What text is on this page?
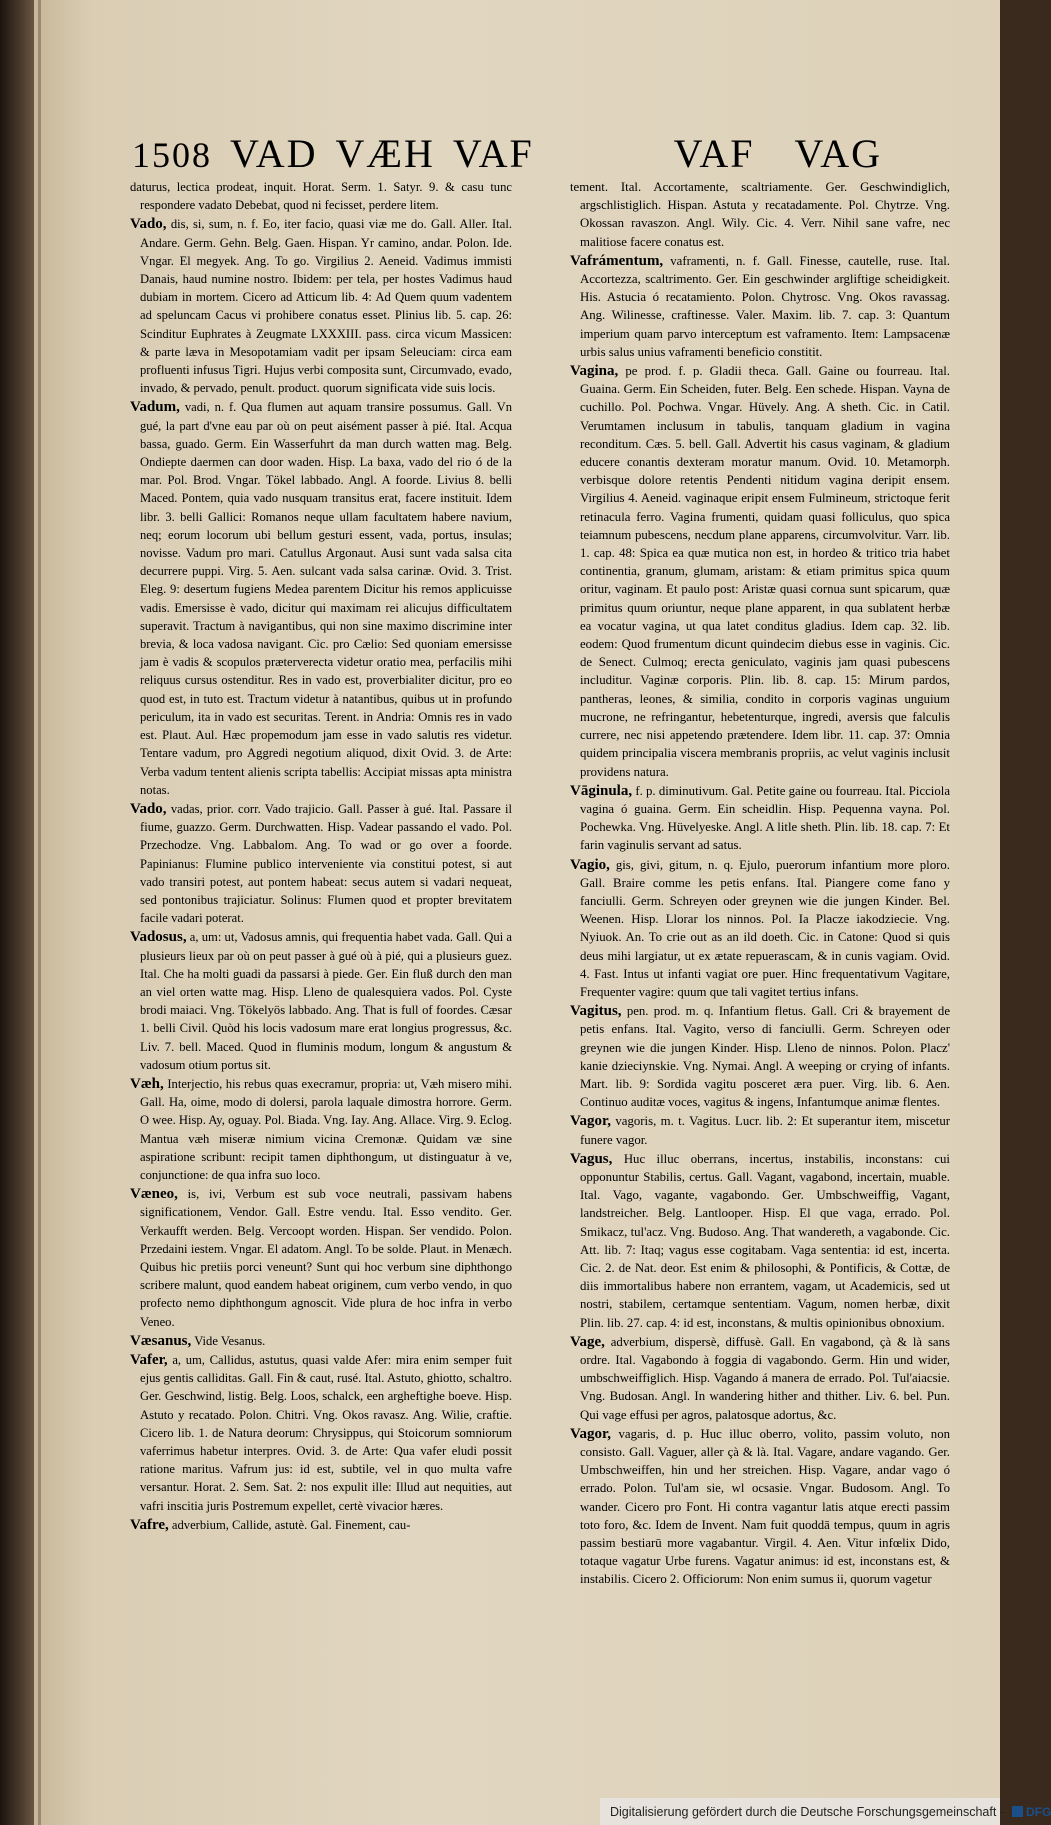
1508 VAD VÆH VAF	VAF VAG

daturus, lectica prodeat, inquit. Horat. Serm. 1. Satyr. 9. & casu tunc respondere vadato Debebat, quod ni fecisset, perdere litem.

Vado, dis, si, sum, n. f. Eo, iter facio, quasi viæ me do. Gall. Aller. Ital. Andare. Germ. Gehn. Belg. Gaen. Hispan. Yr camino, andar. Polon. Ide. Vngar. El megyek. Ang. To go. Virgilius 2. Aeneid. Vadimus immisti Danais, haud numine nostro. Ibidem: per tela, per hostes Vadimus haud dubiam in mortem. Cicero ad Atticum lib. 4: Ad Quem quum vadentem ad speluncam Cacus vi prohibere conatus esset. Plinius lib. 5. cap. 26: Scinditur Euphrates à Zeugmate LXXXIII. pass. circa vicum Massicen: & parte læva in Mesopotamiam vadit per ipsam Seleuciam: circa eam profluenti infusus Tigri. Hujus verbi composita sunt, Circumvado, evado, invado, & pervado, penult. product. quorum significata vide suis locis.

Vadum, vadi, n. f. Qua flumen aut aquam transire possumus. Gall. Vn gué, la part d'vne eau par où on peut aisément passer à pié. Ital. Acqua bassa, guado. Germ. Ein Wasserfuhrt da man durch watten mag. Belg. Ondiepte daermen can door waden. Hisp. La baxa, vado del rio ó de la mar. Pol. Brod. Vngar. Tökel labbado. Angl. A foorde. Livius 8. belli Maced. Pontem, quia vado nusquam transitus erat, facere instituit. Idem libr. 3. belli Gallici: Romanos neque ullam facultatem habere navium, neq; eorum locorum ubi bellum gesturi essent, vada, portus, insulas; novisse. Vadum pro mari. Catullus Argonaut. Ausi sunt vada salsa cita decurrere puppi. Virg. 5. Aen. sulcant vada salsa carinæ. Ovid. 3. Trist. Eleg. 9: desertum fugiens Medea parentem Dicitur his remos applicuisse vadis. Emersisse è vado, dicitur qui maximam rei alicujus difficultatem superavit. Tractum à navigantibus, qui non sine maximo discrimine inter brevia, & loca vadosa navigant. Cic. pro Cælio: Sed quoniam emersisse jam è vadis & scopulos præterverecta videtur oratio mea, perfacilis mihi reliquus cursus ostenditur. Res in vado est, proverbialiter dicitur, pro eo quod est, in tuto est. Tractum videtur à natantibus, quibus ut in profundo periculum, ita in vado est securitas. Terent. in Andria: Omnis res in vado est. Plaut. Aul. Hæc propemodum jam esse in vado salutis res videtur. Tentare vadum, pro Aggredi negotium aliquod, dixit Ovid. 3. de Arte: Verba vadum tentent alienis scripta tabellis: Accipiat missas apta ministra notas.

Vado, vadas, prior. corr. Vado trajicio. Gall. Passer à gué. Ital. Passare il fiume, guazzo. Germ. Durchwatten. Hisp. Vadear passando el vado. Pol. Przechodze. Vng. Labbalom. Ang. To wad or go over a foorde. Papinianus: Flumine publico interveniente via constitui potest, si aut vado transiri potest, aut pontem habeat: secus autem si vadari nequeat, sed pontonibus trajiciatur. Solinus: Flumen quod et propter brevitatem facile vadari poterat.

Vadosus, a, um: ut, Vadosus amnis, qui frequentia habet vada. Gall. Qui a plusieurs lieux par où on peut passer à gué où à pié, qui a plusieurs guez. Ital. Che ha molti guadi da passarsi à piede. Ger. Ein fluß durch den man an viel orten watte mag. Hisp. Lleno de qualesquiera vados. Pol. Cyste brodi maiaci. Vng. Tökelyös labbado. Ang. That is full of foordes. Cæsar 1. belli Civil. Quòd his locis vadosum mare erat longius progressus, &c. Liv. 7. bell. Maced. Quod in fluminis modum, longum & angustum & vadosum otium portus sit.

Væh, Interjectio, his rebus quas execramur, propria: ut, Væh misero mihi. Gall. Ha, oime, modo di dolersi, parola laquale dimostra horrore. Germ. O wee. Hisp. Ay, oguay. Pol. Biada. Vng. Iay. Ang. Allace. Virg. 9. Eclog. Mantua væh miseræ nimium vicina Cremonæ. Quidam væ sine aspiratione scribunt: recipit tamen diphthongum, ut distinguatur à ve, conjunctione: de qua infra suo loco.

Væneo, is, ivi, Verbum est sub voce neutrali, passivam habens significationem, Vendor. Gall. Estre vendu. Ital. Esso vendito. Ger. Verkaufft werden. Belg. Vercoopt worden. Hispan. Ser vendido. Polon. Przedaini iestem. Vngar. El adatom. Angl. To be solde. Plaut. in Menæch. Quibus hic pretiis porci veneunt? Sunt qui hoc verbum sine diphthongo scribere malunt, quod eandem habeat originem, cum verbo vendo, in quo profecto nemo diphthongum agnoscit. Vide plura de hoc infra in verbo Veneo.

Væsanus, Vide Vesanus.

Vafer, a, um, Callidus, astutus, quasi valde Afer: mira enim semper fuit ejus gentis calliditas. Gall. Fin & caut, rusé. Ital. Astuto, ghiotto, schaltro. Ger. Geschwind, listig. Belg. Loos, schalck, een argheftighe boeve. Hisp. Astuto y recatado. Polon. Chitri. Vng. Okos ravasz. Ang. Wilie, craftie. Cicero lib. 1. de Natura deorum: Chrysippus, qui Stoicorum somniorum vaferrimus habetur interpres. Ovid. 3. de Arte: Qua vafer eludi possit ratione maritus. Vafrum jus: id est, subtile, vel in quo multa vafre versantur. Horat. 2. Sem. Sat. 2: nos expulit ille: Illud aut nequities, aut vafri inscitia juris Postremum expellet, certè vivacior hæres.

Vafre, adverbium, Callide, astutè. Gal. Finement, cau-

tement. Ital. Accortamente, scaltriamente. Ger. Geschwindiglich, argschlistiglich. Hispan. Astuta y recatadamente. Pol. Chytrze. Vng. Okossan ravaszon. Angl. Wily. Cic. 4. Verr. Nihil sane vafre, nec malitiose facere conatus est.

Vafrámentum, vaframenti, n. f. Gall. Finesse, cautelle, ruse. Ital. Accortezza, scaltrimento. Ger. Ein geschwinder argliftige scheidigkeit. His. Astucia ó recatamiento. Polon. Chytrosc. Vng. Okos ravassag. Ang. Wilinesse, craftinesse. Valer. Maxim. lib. 7. cap. 3: Quantum imperium quam parvo interceptum est vaframento. Item: Lampsacenæ urbis salus unius vaframenti beneficio constitit.

Vagina, pe prod. f. p. Gladii theca. Gall. Gaine ou fourreau. Ital. Guaina. Germ. Ein Scheiden, futer. Belg. Een schede. Hispan. Vayna de cuchillo. Pol. Pochwa. Vngar. Hüvely. Ang. A sheth. Cic. in Catil. Verumtamen inclusum in tabulis, tanquam gladium in vagina reconditum. Cæs. 5. bell. Gall. Advertit his casus vaginam, & gladium educere conantis dexteram moratur manum. Ovid. 10. Metamorph. verbisque dolore retentis Pendenti nitidum vagina deripit ensem. Virgilius 4. Aeneid. vaginaque eripit ensem Fulmineum, strictoque ferit retinacula ferro. Vagina frumenti, quidam quasi folliculus, quo spica teiamnum pubescens, necdum plane apparens, circumvolvitur. Varr. lib. 1. cap. 48: Spica ea quæ mutica non est, in hordeo & tritico tria habet continentia, granum, glumam, aristam: & etiam primitus spica quum oritur, vaginam. Et paulo post: Aristæ quasi cornua sunt spicarum, quæ primitus quum oriuntur, neque plane apparent, in qua sublatent herbæ ea vocatur vagina, ut qua latet conditus gladius. Idem cap. 32. lib. eodem: Quod frumentum dicunt quindecim diebus esse in vaginis. Cic. de Senect. Culmoq; erecta geniculato, vaginis jam quasi pubescens includitur. Vaginæ corporis. Plin. lib. 8. cap. 15: Mirum pardos, pantheras, leones, & similia, condito in corporis vaginas unguium mucrone, ne refringantur, hebetenturque, ingredi, aversis que falculis currere, nec nisi appetendo prætendere. Idem libr. 11. cap. 37: Omnia quidem principalia viscera membranis propriis, ac velut vaginis inclusit providens natura.

Vāginula, f. p. diminutivum. Gal. Petite gaine ou fourreau. Ital. Picciola vagina ó guaina. Germ. Ein scheidlin. Hisp. Pequenna vayna. Pol. Pochewka. Vng. Hüvelyeske. Angl. A litle sheth. Plin. lib. 18. cap. 7: Et farin vaginulis servant ad satus.

Vagio, gis, givi, gitum, n. q. Ejulo, puerorum infantium more ploro. Gall. Braire comme les petis enfans. Ital. Piangere come fano y fanciulli. Germ. Schreyen oder greynen wie die jungen Kinder. Bel. Weenen. Hisp. Llorar los ninnos. Pol. Ia Placze iakodziecie. Vng. Nyiuok. An. To crie out as an ild doeth. Cic. in Catone: Quod si quis deus mihi largiatur, ut ex ætate repuerascam, & in cunis vagiam. Ovid. 4. Fast. Intus ut infanti vagiat ore puer. Hinc frequentativum Vagitare, Frequenter vagire: quum que tali vagitet tertius infans.

Vagitus, pen. prod. m. q. Infantium fletus. Gall. Cri & brayement de petis enfans. Ital. Vagito, verso di fanciulli. Germ. Schreyen oder greynen wie die jungen Kinder. Hisp. Lleno de ninnos. Polon. Placz' kanie dzieciynskie. Vng. Nymai. Angl. A weeping or crying of infants. Mart. lib. 9: Sordida vagitu posceret æra puer. Virg. lib. 6. Aen. Continuo auditæ voces, vagitus & ingens, Infantumque animæ flentes.

Vagor, vagoris, m. t. Vagitus. Lucr. lib. 2: Et superantur item, miscetur funere vagor.

Vagus, Huc illuc oberrans, incertus, instabilis, inconstans: cui opponuntur Stabilis, certus. Gall. Vagant, vagabond, incertain, muable. Ital. Vago, vagante, vagabondo. Ger. Umbschweiffig, Vagant, landstreicher. Belg. Lantlooper. Hisp. El que vaga, errado. Pol. Smikacz, tul'acz. Vng. Budoso. Ang. That wandereth, a vagabonde. Cic. Att. lib. 7: Itaq; vagus esse cogitabam. Vaga sententia: id est, incerta. Cic. 2. de Nat. deor. Est enim & philosophi, & Pontificis, & Cottæ, de diis immortalibus habere non errantem, vagam, ut Academicis, sed ut nostri, stabilem, certamque sententiam. Vagum, nomen herbæ, dixit Plin. lib. 27. cap. 4: id est, inconstans, & multis opinionibus obnoxium.

Vage, adverbium, dispersè, diffusè. Gall. En vagabond, çà & là sans ordre. Ital. Vagabondo à foggia di vagabondo. Germ. Hin und wider, umbschweiffiglich. Hisp. Vagando á manera de errado. Pol. Tul'aiacsie. Vng. Budosan. Angl. In wandering hither and thither. Liv. 6. bel. Pun. Qui vage effusi per agros, palatosque adortus, &c.

Vagor, vagaris, d. p. Huc illuc oberro, volito, passim voluto, non consisto. Gall. Vaguer, aller çà & là. Ital. Vagare, andare vagando. Ger. Umbschweiffen, hin und her streichen. Hisp. Vagare, andar vago ó errado. Polon. Tul'am sie, wl ocsasie. Vngar. Budosom. Angl. To wander. Cicero pro Font. Hi contra vagantur latis atque erecti passim toto foro, &c. Idem de Invent. Nam fuit quoddā tempus, quum in agris passim bestiarū more vagabantur. Virgil. 4. Aen. Vitur infœlix Dido, totaque vagatur Urbe furens. Vagatur animus: id est, inconstans est, & instabilis. Cicero 2. Officiorum: Non enim sumus ii, quorum vagetur

Digitalisierung gefördert durch die Deutsche Forschungsgemeinschaft - DFG
